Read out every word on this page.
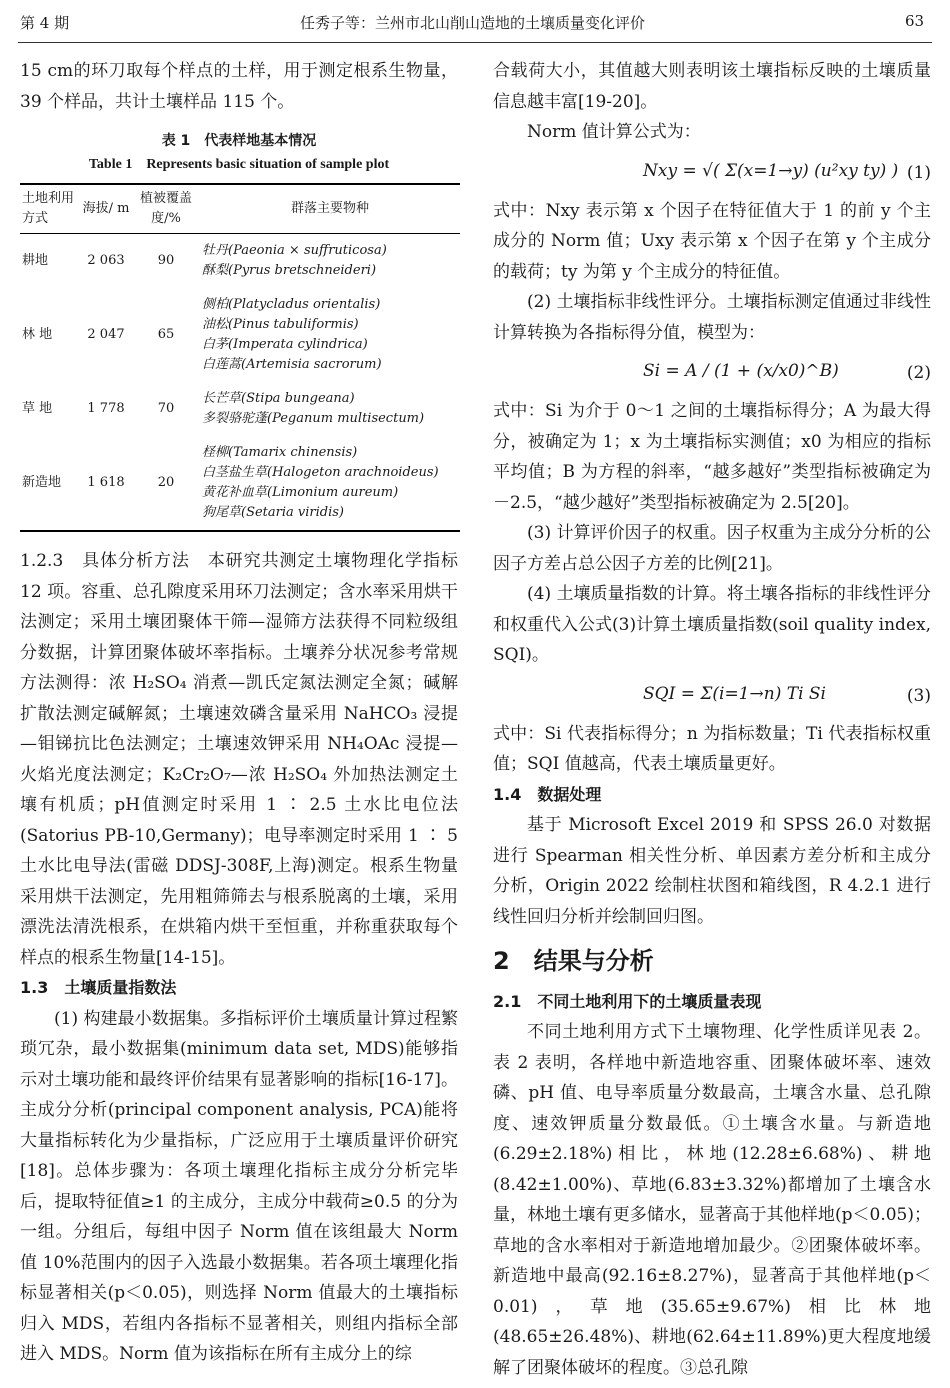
第 4 期	任秀子等：兰州市北山削山造地的土壤质量变化评价	63

15 cm的环刀取每个样点的土样，用于测定根系生物量，39 个样品，共计土壤样品 115 个。

表 1　代表样地基本情况
Table 1　Represents basic situation of sample plot
土地利用方式	海拔/ m	植被覆盖度/%	群落主要物种
耕地	2 063	90	牡丹(Paeonia × suffruticosa)
酥梨(Pyrus bretschneideri)

林 地	2 047	65	侧柏(Platycladus orientalis)
油松(Pinus tabuliformis)
白茅(Imperata cylindrica)
白莲蒿(Artemisia sacrorum)

草 地	1 778	70	长芒草(Stipa bungeana)
多裂骆驼蓬(Peganum multisectum)

新造地	1 618	20	柽柳(Tamarix chinensis)
白茎盐生草(Halogeton arachnoideus)
黄花补血草(Limonium aureum)
狗尾草(Setaria viridis)

1.2.3　具体分析方法　本研究共测定土壤物理化学指标 12 项。容重、总孔隙度采用环刀法测定；含水率采用烘干法测定；采用土壤团聚体干筛—湿筛方法获得不同粒级组分数据，计算团聚体破坏率指标。土壤养分状况参考常规方法测得：浓 H₂SO₄ 消煮—凯氏定氮法测定全氮；碱解扩散法测定碱解氮；土壤速效磷含量采用 NaHCO₃ 浸提—钼锑抗比色法测定；土壤速效钾采用 NH₄OAc 浸提—火焰光度法测定；K₂Cr₂O₇—浓 H₂SO₄ 外加热法测定土壤有机质；pH值测定时采用 1 ∶ 2.5 土水比电位法(Satorius PB-10,Germany)；电导率测定时采用 1 ∶ 5 土水比电导法(雷磁 DDSJ-308F,上海)测定。根系生物量采用烘干法测定，先用粗筛筛去与根系脱离的土壤，采用漂洗法清洗根系，在烘箱内烘干至恒重，并称重获取每个样点的根系生物量[14-15]。

1.3　土壤质量指数法

(1) 构建最小数据集。多指标评价土壤质量计算过程繁琐冗杂，最小数据集(minimum data set, MDS)能够指示对土壤功能和最终评价结果有显著影响的指标[16-17]。主成分分析(principal component analysis, PCA)能将大量指标转化为少量指标，广泛应用于土壤质量评价研究[18]。总体步骤为：各项土壤理化指标主成分分析完毕后，提取特征值≥1 的主成分，主成分中载荷≥0.5 的分为一组。分组后，每组中因子 Norm 值在该组最大 Norm 值 10%范围内的因子入选最小数据集。若各项土壤理化指标显著相关(p＜0.05)，则选择 Norm 值最大的土壤指标归入 MDS，若组内各指标不显著相关，则组内指标全部进入 MDS。Norm 值为该指标在所有主成分上的综

合载荷大小，其值越大则表明该土壤指标反映的土壤质量信息越丰富[19-20]。

Norm 值计算公式为：

Nxy = √( Σ(x=1→y) (u²xy ty) ) (1)

式中：Nxy 表示第 x 个因子在特征值大于 1 的前 y 个主成分的 Norm 值；Uxy 表示第 x 个因子在第 y 个主成分的载荷；ty 为第 y 个主成分的特征值。

(2) 土壤指标非线性评分。土壤指标测定值通过非线性计算转换为各指标得分值，模型为：

Si = A / (1 + (x/x0)^B)	(2)

式中：Si 为介于 0～1 之间的土壤指标得分；A 为最大得分，被确定为 1；x 为土壤指标实测值；x0 为相应的指标平均值；B 为方程的斜率，“越多越好”类型指标被确定为－2.5，“越少越好”类型指标被确定为 2.5[20]。

(3) 计算评价因子的权重。因子权重为主成分分析的公因子方差占总公因子方差的比例[21]。

(4) 土壤质量指数的计算。将土壤各指标的非线性评分和权重代入公式(3)计算土壤质量指数(soil quality index, SQI)。

SQI = Σ(i=1→n) Ti Si	(3)

式中：Si 代表指标得分；n 为指标数量；Ti 代表指标权重值；SQI 值越高，代表土壤质量更好。

1.4　数据处理

基于 Microsoft Excel 2019 和 SPSS 26.0 对数据进行 Spearman 相关性分析、单因素方差分析和主成分分析，Origin 2022 绘制柱状图和箱线图，R 4.2.1 进行线性回归分析并绘制回归图。

2　结果与分析

2.1　不同土地利用下的土壤质量表现

不同土地利用方式下土壤物理、化学性质详见表 2。表 2 表明，各样地中新造地容重、团聚体破坏率、速效磷、pH 值、电导率质量分数最高，土壤含水量、总孔隙度、速效钾质量分数最低。①土壤含水量。与新造地(6.29±2.18%)相比，林地(12.28±6.68%)、耕地(8.42±1.00%)、草地(6.83±3.32%)都增加了土壤含水量，林地土壤有更多储水，显著高于其他样地(p＜0.05)；草地的含水率相对于新造地增加最少。②团聚体破坏率。新造地中最高(92.16±8.27%)，显著高于其他样地(p＜0.01)，草地(35.65±9.67%)相比林地(48.65±26.48%)、耕地(62.64±11.89%)更大程度地缓解了团聚体破坏的程度。③总孔隙
